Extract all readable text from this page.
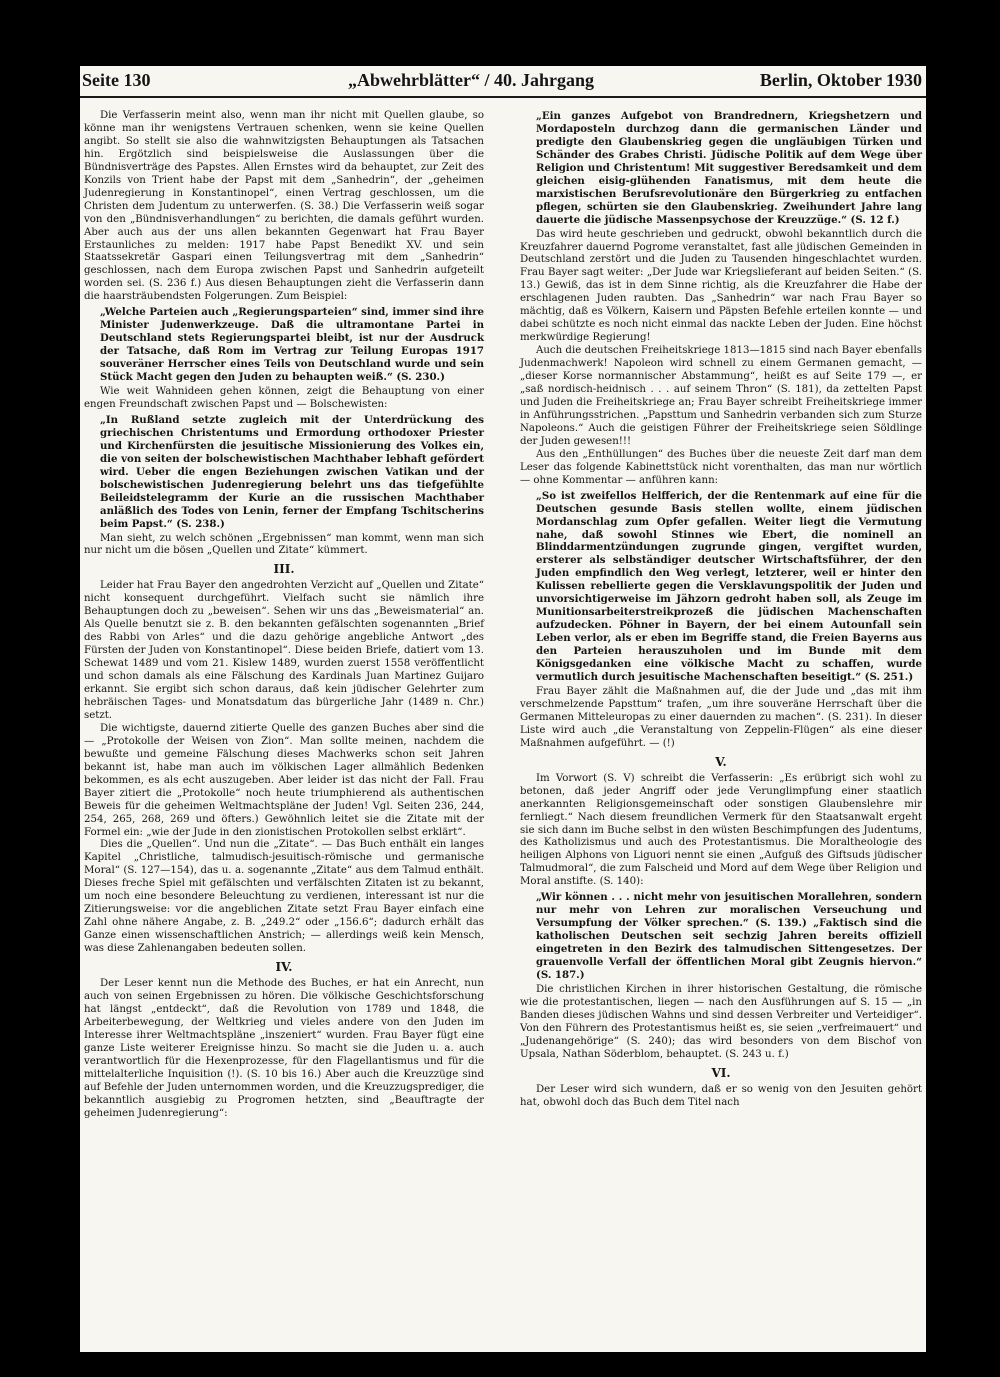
Seite 130	„Abwehrblätter“ / 40. Jahrgang	Berlin, Oktober 1930

Die Verfasserin meint also, wenn man ihr nicht mit Quellen glaube, so könne man ihr wenigstens Vertrauen schenken, wenn sie keine Quellen angibt. So stellt sie also die wahnwitzigsten Behauptungen als Tatsachen hin. Ergötzlich sind beispielsweise die Auslassungen über die Bündnisverträge des Papstes. Allen Ernstes wird da behauptet, zur Zeit des Konzils von Trient habe der Papst mit dem „Sanhedrin“, der „geheimen Judenregierung in Konstantinopel“, einen Vertrag geschlossen, um die Christen dem Judentum zu unterwerfen. (S. 38.) Die Verfasserin weiß sogar von den „Bündnisverhandlungen“ zu berichten, die damals geführt wurden. Aber auch aus der uns allen bekannten Gegenwart hat Frau Bayer Erstaunliches zu melden: 1917 habe Papst Benedikt XV. und sein Staatssekretär Gaspari einen Teilungsvertrag mit dem „Sanhedrin“ geschlossen, nach dem Europa zwischen Papst und Sanhedrin aufgeteilt worden sei. (S. 236 f.) Aus diesen Behauptungen zieht die Verfasserin dann die haarsträubendsten Folgerungen. Zum Beispiel:

„Welche Parteien auch „Regierungsparteien“ sind, immer sind ihre Minister Judenwerkzeuge. Daß die ultramontane Partei in Deutschland stets Regierungspartei bleibt, ist nur der Ausdruck der Tatsache, daß Rom im Vertrag zur Teilung Europas 1917 souveräner Herrscher eines Teils von Deutschland wurde und sein Stück Macht gegen den Juden zu behaupten weiß.“ (S. 230.)

Wie weit Wahnideen gehen können, zeigt die Behauptung von einer engen Freundschaft zwischen Papst und — Bolschewisten:

„In Rußland setzte zugleich mit der Unterdrückung des griechischen Christentums und Ermordung orthodoxer Priester und Kirchenfürsten die jesuitische Missionierung des Volkes ein, die von seiten der bolschewistischen Machthaber lebhaft gefördert wird. Ueber die engen Beziehungen zwischen Vatikan und der bolschewistischen Judenregierung belehrt uns das tiefgefühlte Beileidstelegramm der Kurie an die russischen Machthaber anläßlich des Todes von Lenin, ferner der Empfang Tschitscherins beim Papst.“ (S. 238.)

Man sieht, zu welch schönen „Ergebnissen“ man kommt, wenn man sich nur nicht um die bösen „Quellen und Zitate“ kümmert.

III.

Leider hat Frau Bayer den angedrohten Verzicht auf „Quellen und Zitate“ nicht konsequent durchgeführt. Vielfach sucht sie nämlich ihre Behauptungen doch zu „beweisen“. Sehen wir uns das „Beweismaterial“ an. Als Quelle benutzt sie z. B. den bekannten gefälschten sogenannten „Brief des Rabbi von Arles“ und die dazu gehörige angebliche Antwort „des Fürsten der Juden von Konstantinopel“. Diese beiden Briefe, datiert vom 13. Schewat 1489 und vom 21. Kislew 1489, wurden zuerst 1558 veröffentlicht und schon damals als eine Fälschung des Kardinals Juan Martinez Guijaro erkannt. Sie ergibt sich schon daraus, daß kein jüdischer Gelehrter zum hebräischen Tages- und Monatsdatum das bürgerliche Jahr (1489 n. Chr.) setzt.

Die wichtigste, dauernd zitierte Quelle des ganzen Buches aber sind die — „Protokolle der Weisen von Zion“. Man sollte meinen, nachdem die bewußte und gemeine Fälschung dieses Machwerks schon seit Jahren bekannt ist, habe man auch im völkischen Lager allmählich Bedenken bekommen, es als echt auszugeben. Aber leider ist das nicht der Fall. Frau Bayer zitiert die „Protokolle“ noch heute triumphierend als authentischen Beweis für die geheimen Weltmachtspläne der Juden! Vgl. Seiten 236, 244, 254, 265, 268, 269 und öfters.) Gewöhnlich leitet sie die Zitate mit der Formel ein: „wie der Jude in den zionistischen Protokollen selbst erklärt“.

Dies die „Quellen“. Und nun die „Zitate“. — Das Buch enthält ein langes Kapitel „Christliche, talmudisch-jesuitisch-römische und germanische Moral“ (S. 127—154), das u. a. sogenannte „Zitate“ aus dem Talmud enthält. Dieses freche Spiel mit gefälschten und verfälschten Zitaten ist zu bekannt, um noch eine besondere Beleuchtung zu verdienen, interessant ist nur die Zitierungsweise: vor die angeblichen Zitate setzt Frau Bayer einfach eine Zahl ohne nähere Angabe, z. B. „249.2“ oder „156.6“; dadurch erhält das Ganze einen wissenschaftlichen Anstrich; — allerdings weiß kein Mensch, was diese Zahlenangaben bedeuten sollen.

IV.

Der Leser kennt nun die Methode des Buches, er hat ein Anrecht, nun auch von seinen Ergebnissen zu hören. Die völkische Geschichtsforschung hat längst „entdeckt“, daß die Revolution von 1789 und 1848, die Arbeiterbewegung, der Weltkrieg und vieles andere von den Juden im Interesse ihrer Weltmachtspläne „inszeniert“ wurden. Frau Bayer fügt eine ganze Liste weiterer Ereignisse hinzu. So macht sie die Juden u. a. auch verantwortlich für die Hexenprozesse, für den Flagellantismus und für die mittelalterliche Inquisition (!). (S. 10 bis 16.) Aber auch die Kreuzzüge sind auf Befehle der Juden unternommen worden, und die Kreuzzugsprediger, die bekanntlich ausgiebig zu Progromen hetzten, sind „Beauftragte der geheimen Judenregierung“:

„Ein ganzes Aufgebot von Brandrednern, Kriegshetzern und Mordaposteln durchzog dann die germanischen Länder und predigte den Glaubenskrieg gegen die ungläubigen Türken und Schänder des Grabes Christi. Jüdische Politik auf dem Wege über Religion und Christentum! Mit suggestiver Beredsamkeit und dem gleichen eisig-glühenden Fanatismus, mit dem heute die marxistischen Berufsrevolutionäre den Bürgerkrieg zu entfachen pflegen, schürten sie den Glaubenskrieg. Zweihundert Jahre lang dauerte die jüdische Massenpsychose der Kreuzzüge.“ (S. 12 f.)

Das wird heute geschrieben und gedruckt, obwohl bekanntlich durch die Kreuzfahrer dauernd Pogrome veranstaltet, fast alle jüdischen Gemeinden in Deutschland zerstört und die Juden zu Tausenden hingeschlachtet wurden. Frau Bayer sagt weiter: „Der Jude war Kriegslieferant auf beiden Seiten.“ (S. 13.) Gewiß, das ist in dem Sinne richtig, als die Kreuzfahrer die Habe der erschlagenen Juden raubten. Das „Sanhedrin“ war nach Frau Bayer so mächtig, daß es Völkern, Kaisern und Päpsten Befehle erteilen konnte — und dabei schützte es noch nicht einmal das nackte Leben der Juden. Eine höchst merkwürdige Regierung!

Auch die deutschen Freiheitskriege 1813—1815 sind nach Bayer ebenfalls Judenmachwerk! Napoleon wird schnell zu einem Germanen gemacht, — „dieser Korse normannischer Abstammung“, heißt es auf Seite 179 —, er „saß nordisch-heidnisch . . . auf seinem Thron“ (S. 181), da zettelten Papst und Juden die Freiheitskriege an; Frau Bayer schreibt Freiheitskriege immer in Anführungsstrichen. „Papsttum und Sanhedrin verbanden sich zum Sturze Napoleons.“ Auch die geistigen Führer der Freiheitskriege seien Söldlinge der Juden gewesen!!!

Aus den „Enthüllungen“ des Buches über die neueste Zeit darf man dem Leser das folgende Kabinettstück nicht vorenthalten, das man nur wörtlich — ohne Kommentar — anführen kann:

„So ist zweifellos Helfferich, der die Rentenmark auf eine für die Deutschen gesunde Basis stellen wollte, einem jüdischen Mordanschlag zum Opfer gefallen. Weiter liegt die Vermutung nahe, daß sowohl Stinnes wie Ebert, die nominell an Blinddarmentzündungen zugrunde gingen, vergiftet wurden, ersterer als selbständiger deutscher Wirtschaftsführer, der den Juden empfindlich den Weg verlegt, letzterer, weil er hinter den Kulissen rebellierte gegen die Versklavungspolitik der Juden und unvorsichtigerweise im Jähzorn gedroht haben soll, als Zeuge im Munitionsarbeiterstreikprozeß die jüdischen Machenschaften aufzudecken. Pöhner in Bayern, der bei einem Autounfall sein Leben verlor, als er eben im Begriffe stand, die Freien Bayerns aus den Parteien herauszuholen und im Bunde mit dem Königsgedanken eine völkische Macht zu schaffen, wurde vermutlich durch jesuitische Machenschaften beseitigt.“ (S. 251.)

Frau Bayer zählt die Maßnahmen auf, die der Jude und „das mit ihm verschmelzende Papsttum“ trafen, „um ihre souveräne Herrschaft über die Germanen Mitteleuropas zu einer dauernden zu machen“. (S. 231). In dieser Liste wird auch „die Veranstaltung von Zeppelin-Flügen“ als eine dieser Maßnahmen aufgeführt. — (!)

V.

Im Vorwort (S. V) schreibt die Verfasserin: „Es erübrigt sich wohl zu betonen, daß jeder Angriff oder jede Verunglimpfung einer staatlich anerkannten Religionsgemeinschaft oder sonstigen Glaubenslehre mir fernliegt.“ Nach diesem freundlichen Vermerk für den Staatsanwalt ergeht sie sich dann im Buche selbst in den wüsten Beschimpfungen des Judentums, des Katholizismus und auch des Protestantismus. Die Moraltheologie des heiligen Alphons von Liguori nennt sie einen „Aufguß des Giftsuds jüdischer Talmudmoral“, die zum Falscheid und Mord auf dem Wege über Religion und Moral anstifte. (S. 140):

„Wir können . . . nicht mehr von jesuitischen Morallehren, sondern nur mehr von Lehren zur moralischen Verseuchung und Versumpfung der Völker sprechen.“ (S. 139.) „Faktisch sind die katholischen Deutschen seit sechzig Jahren bereits offiziell eingetreten in den Bezirk des talmudischen Sittengesetzes. Der grauenvolle Verfall der öffentlichen Moral gibt Zeugnis hiervon.“ (S. 187.)

Die christlichen Kirchen in ihrer historischen Gestaltung, die römische wie die protestantischen, liegen — nach den Ausführungen auf S. 15 — „in Banden dieses jüdischen Wahns und sind dessen Verbreiter und Verteidiger“. Von den Führern des Protestantismus heißt es, sie seien „verfreimauert“ und „Judenangehörige“ (S. 240); das wird besonders von dem Bischof von Upsala, Nathan Söderblom, behauptet. (S. 243 u. f.)

VI.

Der Leser wird sich wundern, daß er so wenig von den Jesuiten gehört hat, obwohl doch das Buch dem Titel nach
